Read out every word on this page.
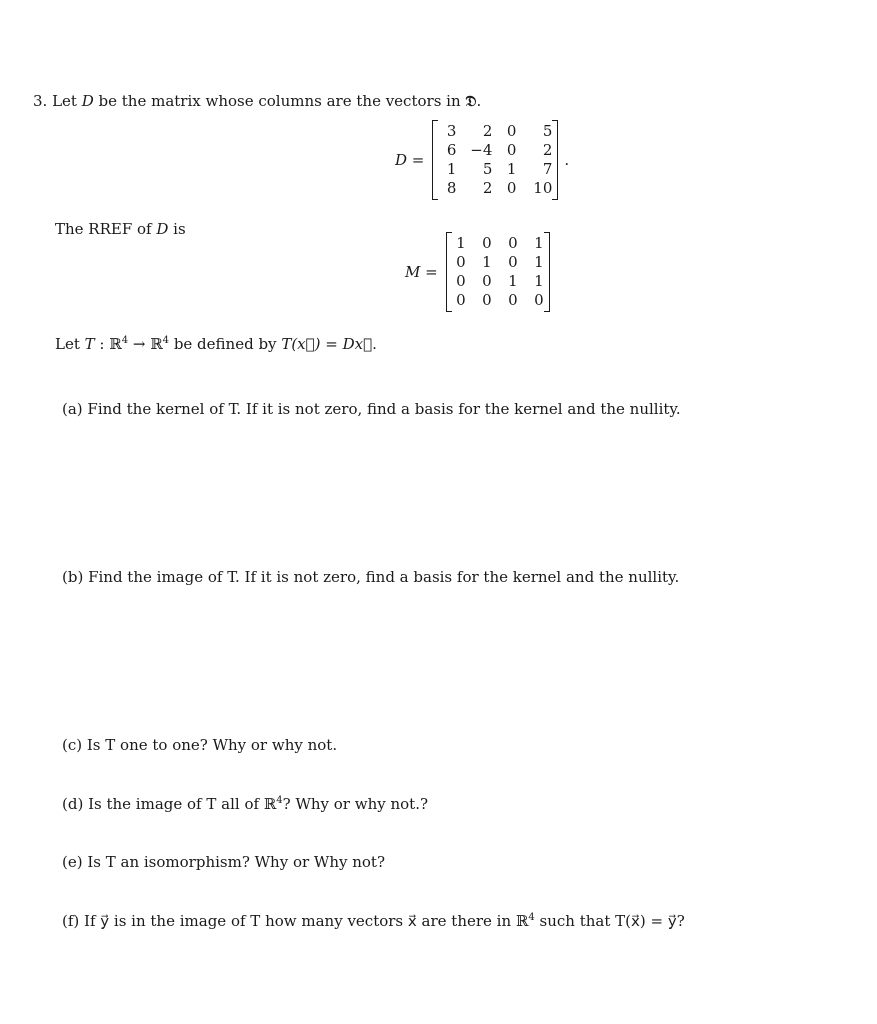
3. Let D be the matrix whose columns are the vectors in 𝔇.
D =
3	2	0	5
6	−4	0	2
1	5	1	7
8	2	0	10
.
The RREF of D is
M =
1	0	0	1
0	1	0	1
0	0	1	1
0	0	0	0
Let T : ℝ$^4$ → ℝ$^4$ be defined by T(x⃗) = Dx⃗.
(a) Find the kernel of T. If it is not zero, find a basis for the kernel and the nullity.
(b) Find the image of T. If it is not zero, find a basis for the kernel and the nullity.
(c) Is T one to one? Why or why not.
(d) Is the image of T all of ℝ$^4$? Why or why not.?
(e) Is T an isomorphism? Why or Why not?
(f) If y⃗ is in the image of T how many vectors x⃗ are there in ℝ$^4$ such that T(x⃗) = y⃗?
